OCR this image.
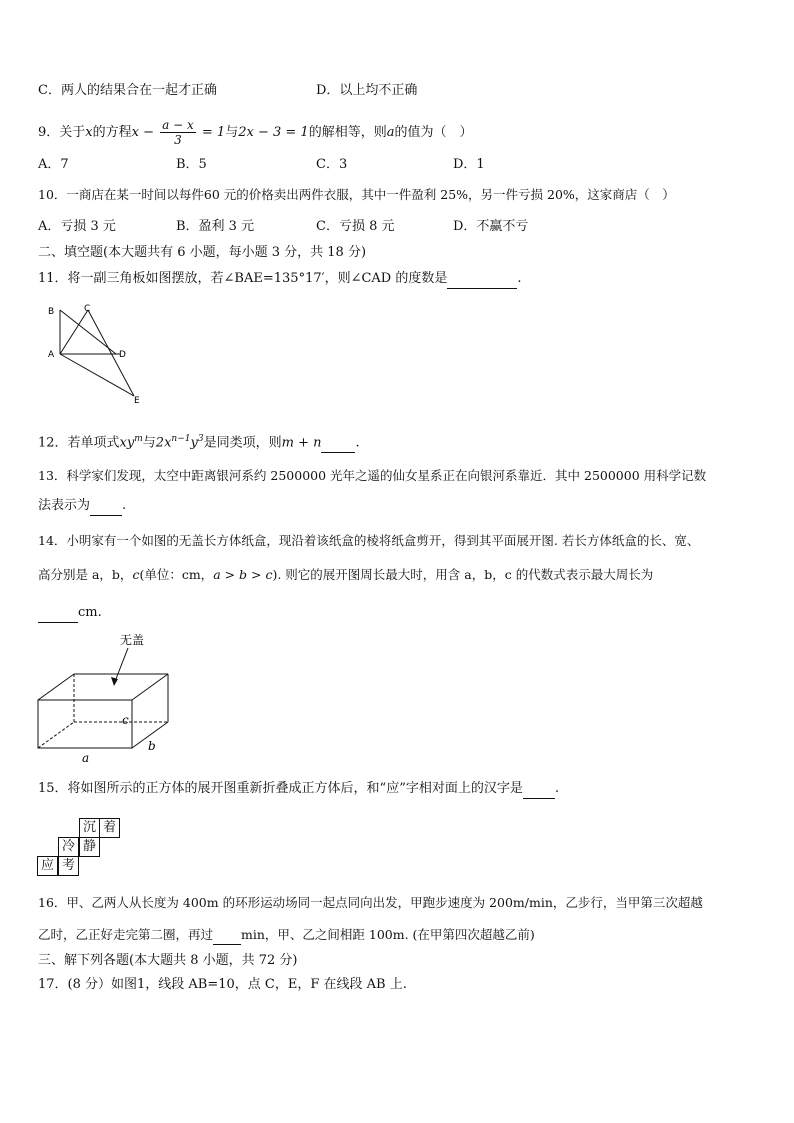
C．两人的结果合在一起才正确	D．以上均不正确
9．关于x的方程$x - \frac{a - x}{3} = 1$与2x − 3 = 1的解相等，则a的值为（　）
A．7	B．5	C．3	D．1
10．一商店在某一时间以每件60 元的价格卖出两件衣服，其中一件盈利 25%，另一件亏损 20%，这家商店（　）
A．亏损 3 元	B．盈利 3 元	C．亏损 8 元	D．不赢不亏
二、填空题(本大题共有 6 小题，每小题 3 分，共 18 分)
11．将一副三角板如图摆放，若∠BAE=135°17′，则∠CAD 的度数是	.
B	C
A	D
E
12．若单项式$xy^m$与$2x^{n-1}y^3$是同类项，则m + n	.
13．科学家们发现，太空中距离银河系约 2500000 光年之遥的仙女星系正在向银河系靠近．其中 2500000 用科学记数
法表示为 .
14．小明家有一个如图的无盖长方体纸盒，现沿着该纸盒的棱将纸盒剪开，得到其平面展开图. 若长方体纸盒的长、宽、
高分别是 a，b，c(单位：cm，a > b > c). 则它的展开图周长最大时，用含 a，b，c 的代数式表示最大周长为
cm.
无盖
c
a
b
15．将如图所示的正方体的展开图重新折叠成正方体后，和“应”字相对面上的汉字是 .
沉 着
冷 静
应 考
16．甲、乙两人从长度为 400m 的环形运动场同一起点同向出发，甲跑步速度为 200m/min，乙步行，当甲第三次超越
乙时，乙正好走完第二圈，再过 min，甲、乙之间相距 100m. (在甲第四次超越乙前)
三、解下列各题(本大题共 8 小题，共 72 分)
17．(8 分）如图1，线段 AB=10，点 C，E，F 在线段 AB 上.
